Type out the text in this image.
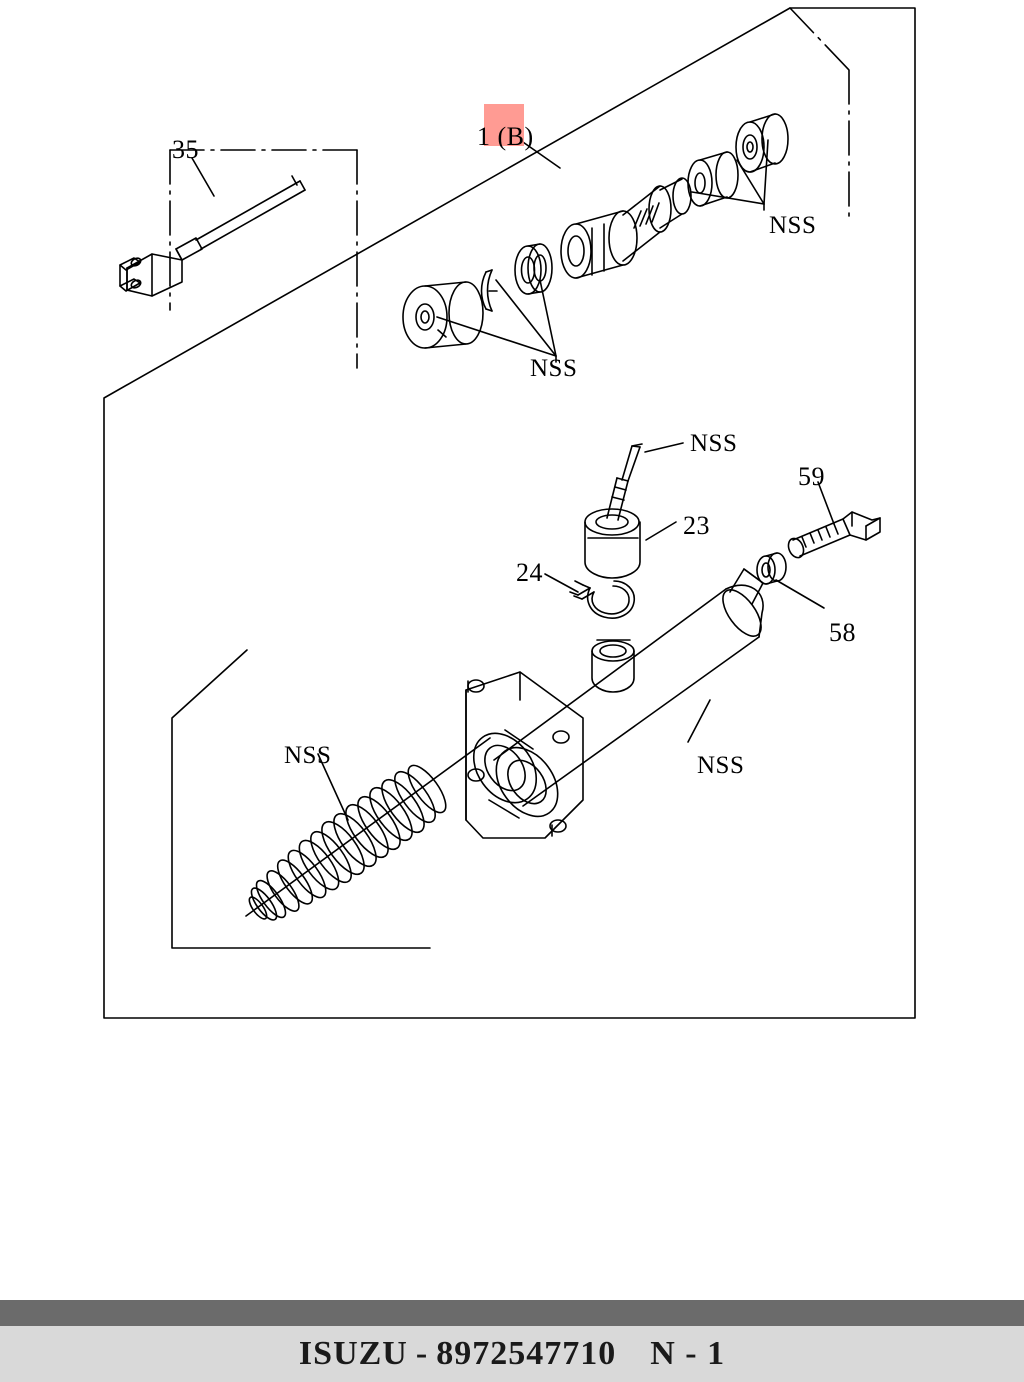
35	1 (B)
NSS
NSS
NSS
23
24
59
58
NSS
NSS
ISUZU - 8972547710 N - 1
